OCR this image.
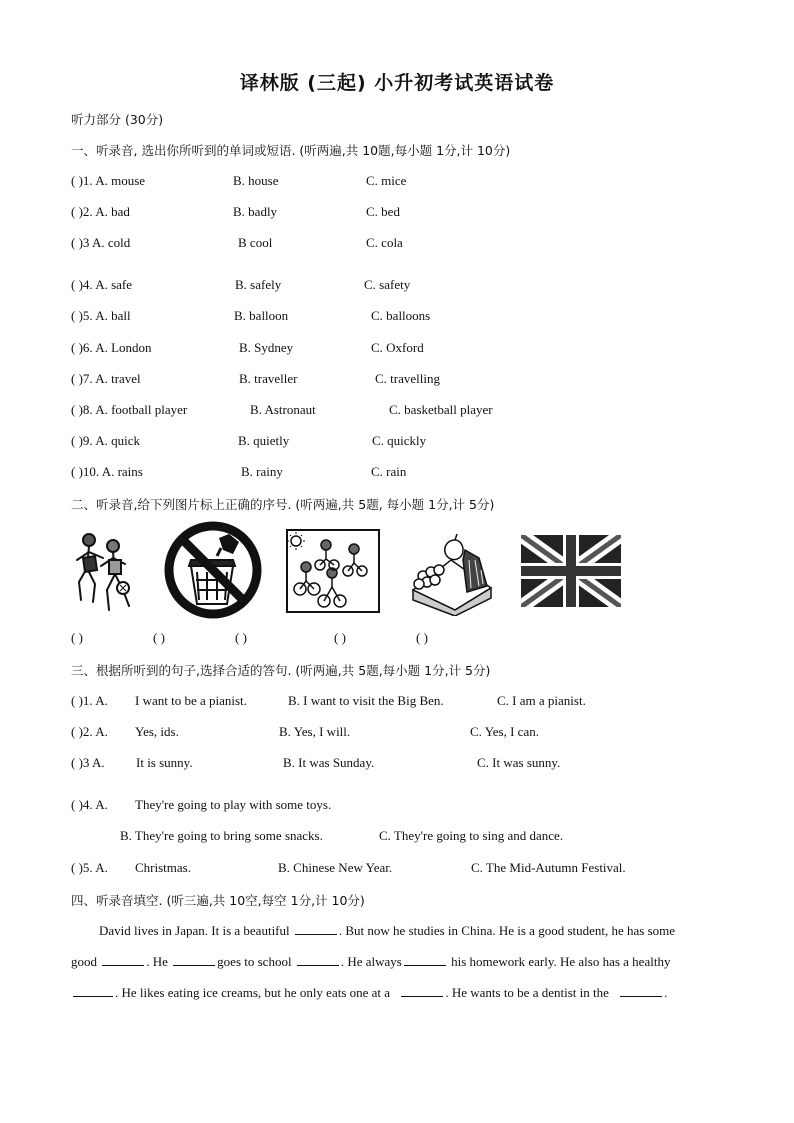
译林版 (三起) 小升初考试英语试卷
听力部分 (30分)
一、听录音, 选出你所听到的单词或短语. (听两遍,共 10题,每小题 1分,计 10分)
( )1. A. mouse	B. house	C. mice
( )2. A. bad	B. badly	C. bed
( )3 A. cold	B cool	C. cola
( )4. A. safe	B. safely	C. safety
( )5. A. ball	B. balloon	C. balloons
( )6. A. London	B. Sydney	C. Oxford
( )7. A. travel	B. traveller	C. travelling
( )8. A. football player	B. Astronaut	C. basketball player
( )9. A. quick	B. quietly	C. quickly
( )10. A. rains	B. rainy	C. rain
二、听录音,给下列图片标上正确的序号. (听两遍,共 5题, 每小题 1分,计 5分)
( )	( )	( )	( )	( )
三、根据所听到的句子,选择合适的答句. (听两遍,共 5题,每小题 1分,计 5分)
( )1. A. I want to be a pianist.	B. I want to visit the Big Ben.	C. I am a pianist.
( )2. A. Yes, ids.	B. Yes, I will.	C. Yes, I can.
( )3 A. It is sunny.	B. It was Sunday.	C. It was sunny.
( )4. A. They're going to play with some toys.
B. They're going to bring some snacks.	C. They're going to sing and dance.
( )5. A. Christmas.	B. Chinese New Year.	C. The Mid-Autumn Festival.
四、听录音填空. (听三遍,共 10空,每空 1分,计 10分)
David lives in Japan. It is a beautiful	. But now he studies in China. He is a good student, he has some
good	. He	goes to school	. He always	his homework early. He also has a healthy
. He likes eating ice creams, but he only eats one at a	. He wants to be a dentist in the	.
